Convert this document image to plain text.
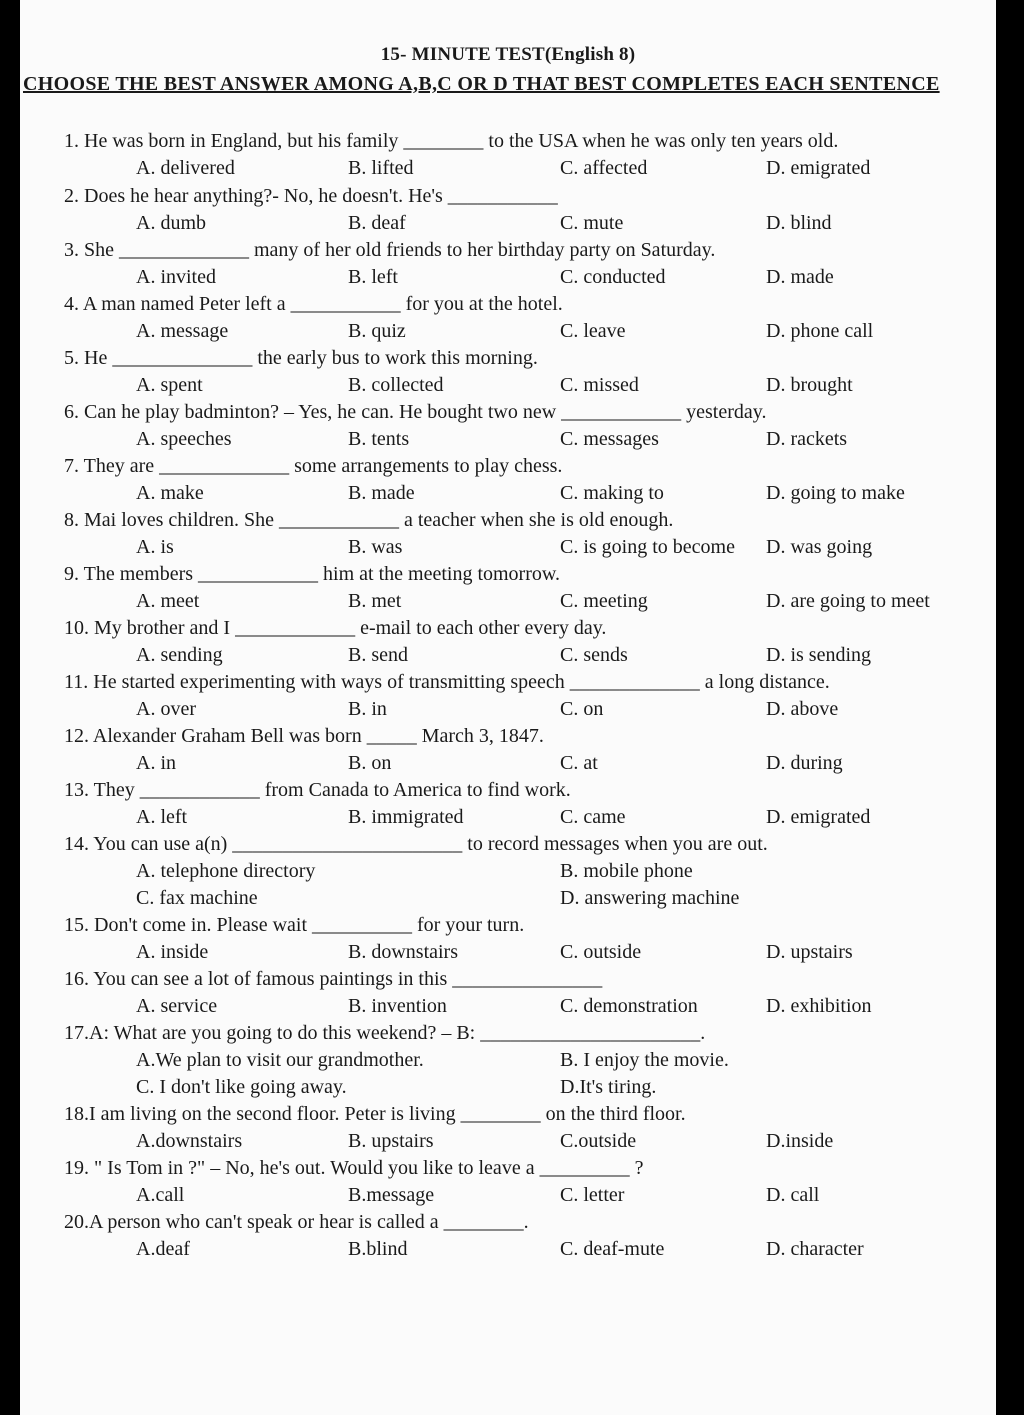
15- MINUTE TEST(English 8)
CHOOSE THE BEST ANSWER AMONG A,B,C OR D THAT BEST COMPLETES EACH SENTENCE
1. He was born in England, but his family ________ to the USA when he was only ten years old.
A. delivered	B. lifted	C. affected	D. emigrated
2. Does he hear anything?- No, he doesn't. He's ___________
A. dumb	B. deaf	C. mute	D. blind
3. She _____________ many of her old friends to her birthday party on Saturday.
A. invited	B. left	C. conducted	D. made
4. A man named Peter left a ___________ for you at the hotel.
A. message	B. quiz	C. leave	D. phone call
5. He ______________ the early bus to work this morning.
A. spent	B. collected	C. missed	D. brought
6. Can he play badminton? – Yes, he can. He bought two new ____________ yesterday.
A. speeches	B. tents	C. messages	D. rackets
7. They are _____________ some arrangements to play chess.
A. make	B. made	C. making to	D. going to make
8. Mai loves children. She ____________ a teacher when she is old enough.
A. is	B. was	C. is going to become D. was going
9. The members ____________ him at the meeting tomorrow.
A. meet	B. met	C. meeting	D. are going to meet
10. My brother and I ____________ e-mail to each other every day.
A. sending	B. send	C. sends	D. is sending
11. He started experimenting with ways of transmitting speech _____________ a long distance.
A. over	B. in	C. on	D. above
12. Alexander Graham Bell was born _____ March 3, 1847.
A. in	B. on	C. at	D. during
13. They ____________ from Canada to America to find work.
A. left	B. immigrated	C. came	D. emigrated
14. You can use a(n) _______________________ to record messages when you are out.
A. telephone directory	B. mobile phone
C. fax machine	D. answering machine
15. Don't come in. Please wait __________ for your turn.
A. inside	B. downstairs	C. outside	D. upstairs
16. You can see a lot of famous paintings in this _______________
A. service	B. invention	C. demonstration	D. exhibition
17.A: What are you going to do this weekend? – B: ______________________.
A.We plan to visit our grandmother.	B. I enjoy the movie.
C. I don't like going away.	D.It's tiring.
18.I am living on the second floor. Peter is living ________ on the third floor.
A.downstairs	B. upstairs	C.outside	D.inside
19. " Is Tom in ?" – No, he's out. Would you like to leave a _________ ?
A.call	B.message	C. letter	D. call
20.A person who can't speak or hear is called a ________.
A.deaf	B.blind	C. deaf-mute	D. character
